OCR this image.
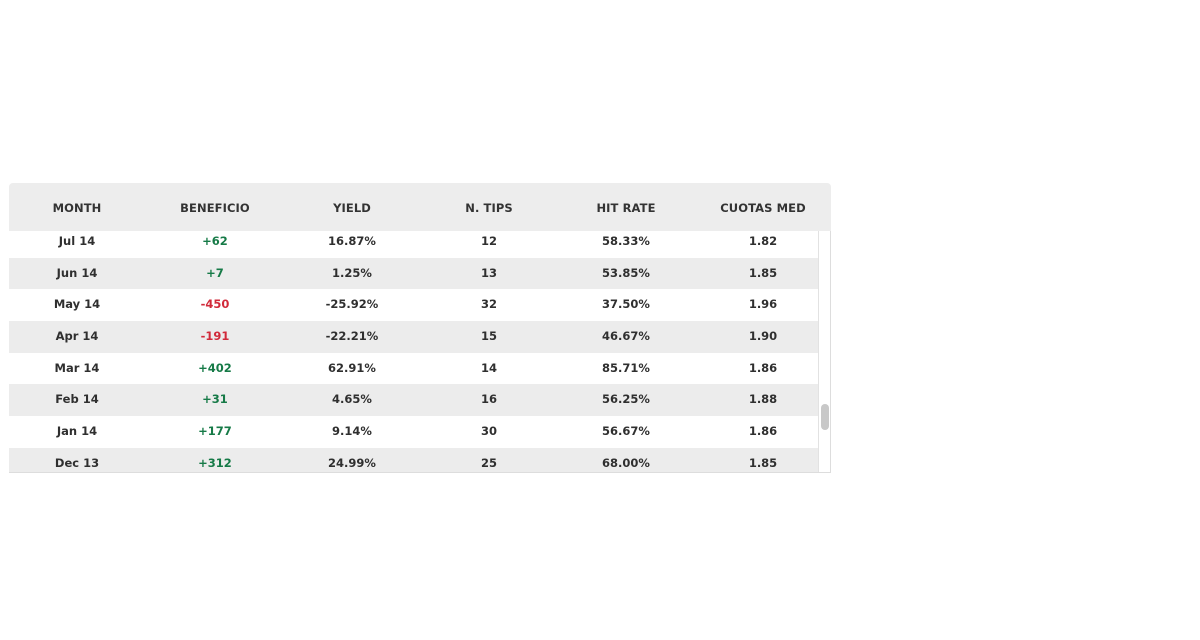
MONTH	BENEFICIO	YIELD	N. TIPS	HIT RATE	CUOTAS MED
Jul 14	+62	16.87%	12	58.33%	1.82
Jun 14	+7	1.25%	13	53.85%	1.85
May 14	-450	-25.92%	32	37.50%	1.96
Apr 14	-191	-22.21%	15	46.67%	1.90
Mar 14	+402	62.91%	14	85.71%	1.86
Feb 14	+31	4.65%	16	56.25%	1.88
Jan 14	+177	9.14%	30	56.67%	1.86
Dec 13	+312	24.99%	25	68.00%	1.85
